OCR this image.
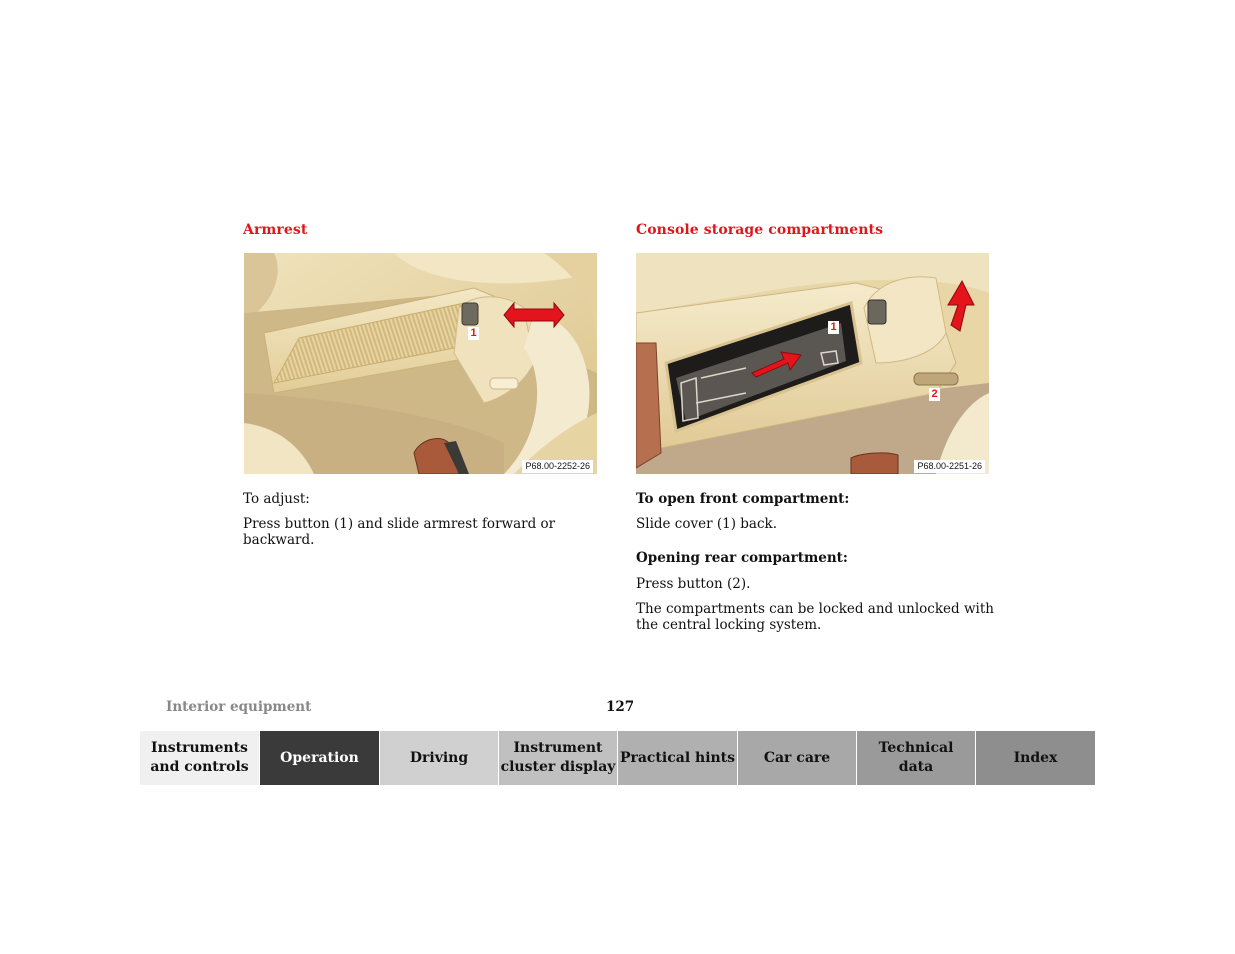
Armrest
1
P68.00-2252-26

To adjust:

Press button (1) and slide armrest forward or backward.

Console storage compartments
1
2
P68.00-2251-26

To open front compartment:

Slide cover (1) back.

Opening rear compartment:

Press button (2).

The compartments can be locked and unlocked with the central locking system.

Interior equipment	127
Instruments
and controls
Operation	Driving
Instrument
cluster display
Practical hints	Car care
Technical
data
Index
